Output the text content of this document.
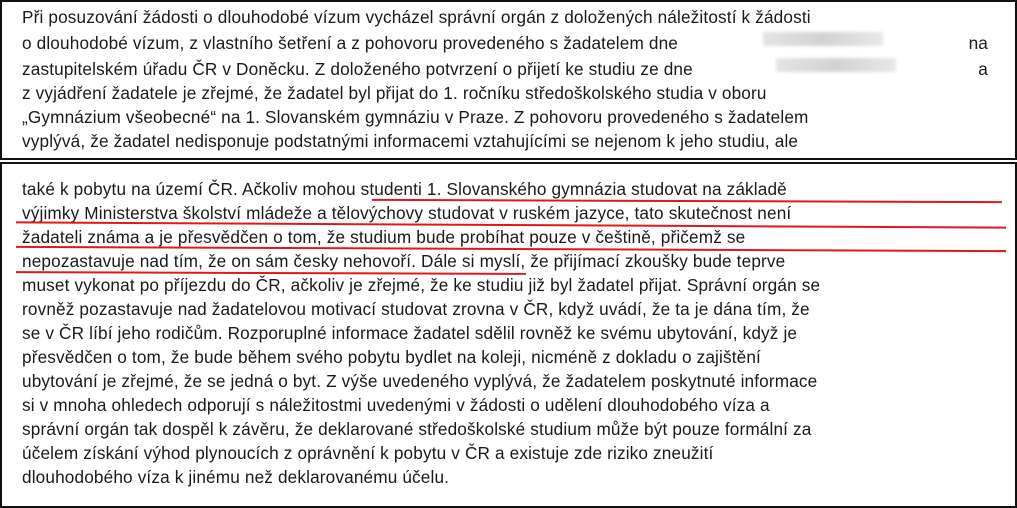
Při posuzování žádosti o dlouhodobé vízum vycházel správní orgán z doložených náležitostí k žádosti
o dlouhodobé vízum, z vlastního šetření a z pohovoru provedeného s žadatelem dne	na
zastupitelském úřadu ČR v Doněcku. Z doloženého potvrzení o přijetí ke studiu ze dne	a
z vyjádření žadatele je zřejmé, že žadatel byl přijat do 1. ročníku středoškolského studia v oboru
„Gymnázium všeobecné“ na 1. Slovanském gymnáziu v Praze. Z pohovoru provedeného s žadatelem
vyplývá, že žadatel nedisponuje podstatnými informacemi vztahujícími se nejenom k jeho studiu, ale
také k pobytu na území ČR. Ačkoliv mohou studenti 1. Slovanského gymnázia studovat na základě
výjimky Ministerstva školství mládeže a tělovýchovy studovat v ruském jazyce, tato skutečnost není
žadateli známa a je přesvědčen o tom, že studium bude probíhat pouze v češtině, přičemž se
nepozastavuje nad tím, že on sám česky nehovoří. Dále si myslí, že přijímací zkoušky bude teprve
muset vykonat po příjezdu do ČR, ačkoliv je zřejmé, že ke studiu již byl žadatel přijat. Správní orgán se
rovněž pozastavuje nad žadatelovou motivací studovat zrovna v ČR, když uvádí, že ta je dána tím, že
se v ČR líbí jeho rodičům. Rozporuplné informace žadatel sdělil rovněž ke svému ubytování, když je
přesvědčen o tom, že bude během svého pobytu bydlet na koleji, nicméně z dokladu o zajištění
ubytování je zřejmé, že se jedná o byt. Z výše uvedeného vyplývá, že žadatelem poskytnuté informace
si v mnoha ohledech odporují s náležitostmi uvedenými v žádosti o udělení dlouhodobého víza a
správní orgán tak dospěl k závěru, že deklarované středoškolské studium může být pouze formální za
účelem získání výhod plynoucích z oprávnění k pobytu v ČR a existuje zde riziko zneužití
dlouhodobého víza k jinému než deklarovanému účelu.
